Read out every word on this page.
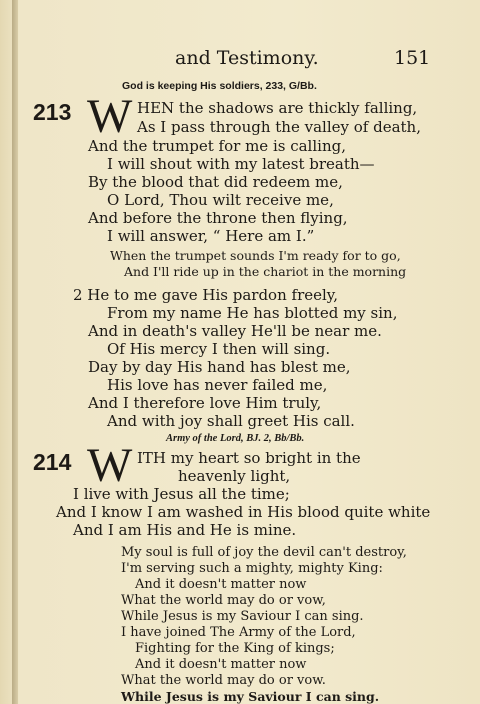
and Testimony.	151
God is keeping His soldiers, 233, G/Bb.
213 W HEN the shadows are thickly falling,
As I pass through the valley of death,
And the trumpet for me is calling,
I will shout with my latest breath—
By the blood that did redeem me,
O Lord, Thou wilt receive me,
And before the throne then flying,
I will answer, “ Here am I.”
When the trumpet sounds I'm ready for to go,
And I'll ride up in the chariot in the morning
2 He to me gave His pardon freely,
From my name He has blotted my sin,
And in death's valley He'll be near me.
Of His mercy I then will sing.
Day by day His hand has blest me,
His love has never failed me,
And I therefore love Him truly,
And with joy shall greet His call.
Army of the Lord, BJ. 2, Bb/Bb.
214 W ITH my heart so bright in the
heavenly light,
I live with Jesus all the time;
And I know I am washed in His blood quite white
And I am His and He is mine.
My soul is full of joy the devil can't destroy,
I'm serving such a mighty, mighty King:
And it doesn't matter now
What the world may do or vow,
While Jesus is my Saviour I can sing.
I have joined The Army of the Lord,
Fighting for the King of kings;
And it doesn't matter now
What the world may do or vow.
While Jesus is my Saviour I can sing.
